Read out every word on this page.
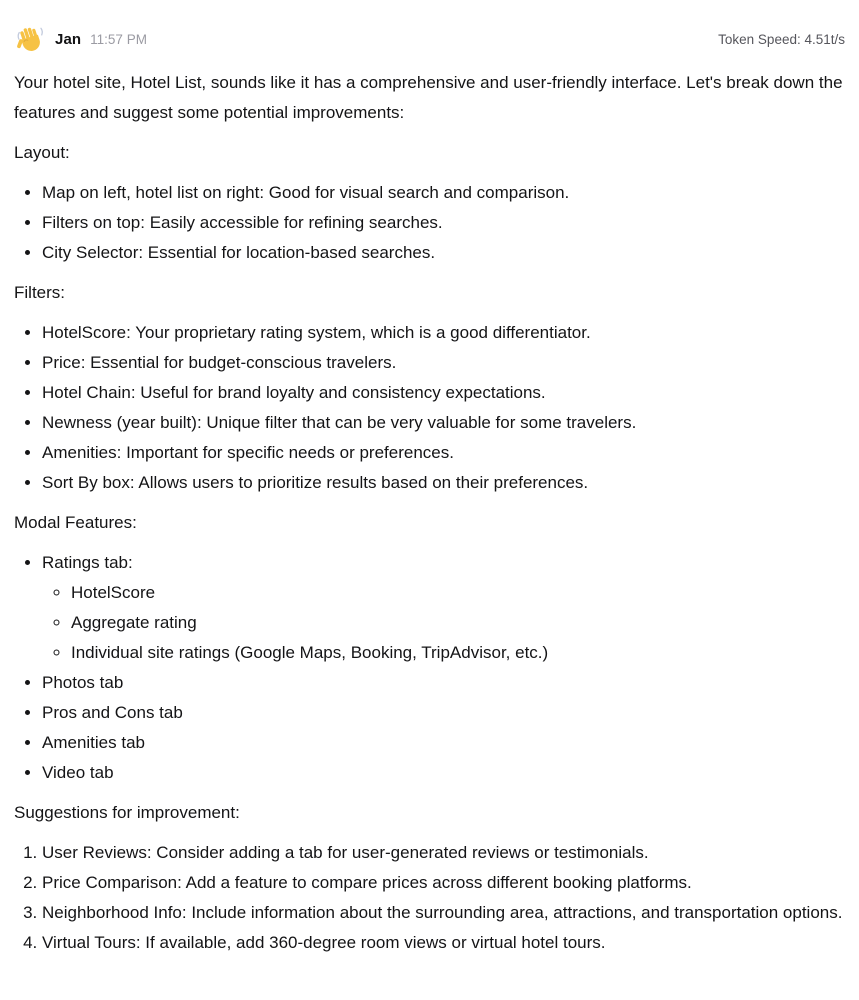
Jan 11:57 PM	Token Speed: 4.51t/s

Your hotel site, Hotel List, sounds like it has a comprehensive and user-friendly interface. Let's break down the features and suggest some potential improvements:

Layout:

• Map on left, hotel list on right: Good for visual search and comparison.
• Filters on top: Easily accessible for refining searches.
• City Selector: Essential for location-based searches.

Filters:

• HotelScore: Your proprietary rating system, which is a good differentiator.
• Price: Essential for budget-conscious travelers.
• Hotel Chain: Useful for brand loyalty and consistency expectations.
• Newness (year built): Unique filter that can be very valuable for some travelers.
• Amenities: Important for specific needs or preferences.
• Sort By box: Allows users to prioritize results based on their preferences.

Modal Features:

• Ratings tab:
◦ HotelScore
◦ Aggregate rating
◦ Individual site ratings (Google Maps, Booking, TripAdvisor, etc.)
• Photos tab
• Pros and Cons tab
• Amenities tab
• Video tab

Suggestions for improvement:

1. User Reviews: Consider adding a tab for user-generated reviews or testimonials.
2. Price Comparison: Add a feature to compare prices across different booking platforms.
3. Neighborhood Info: Include information about the surrounding area, attractions, and transportation options.
4. Virtual Tours: If available, add 360-degree room views or virtual hotel tours.
